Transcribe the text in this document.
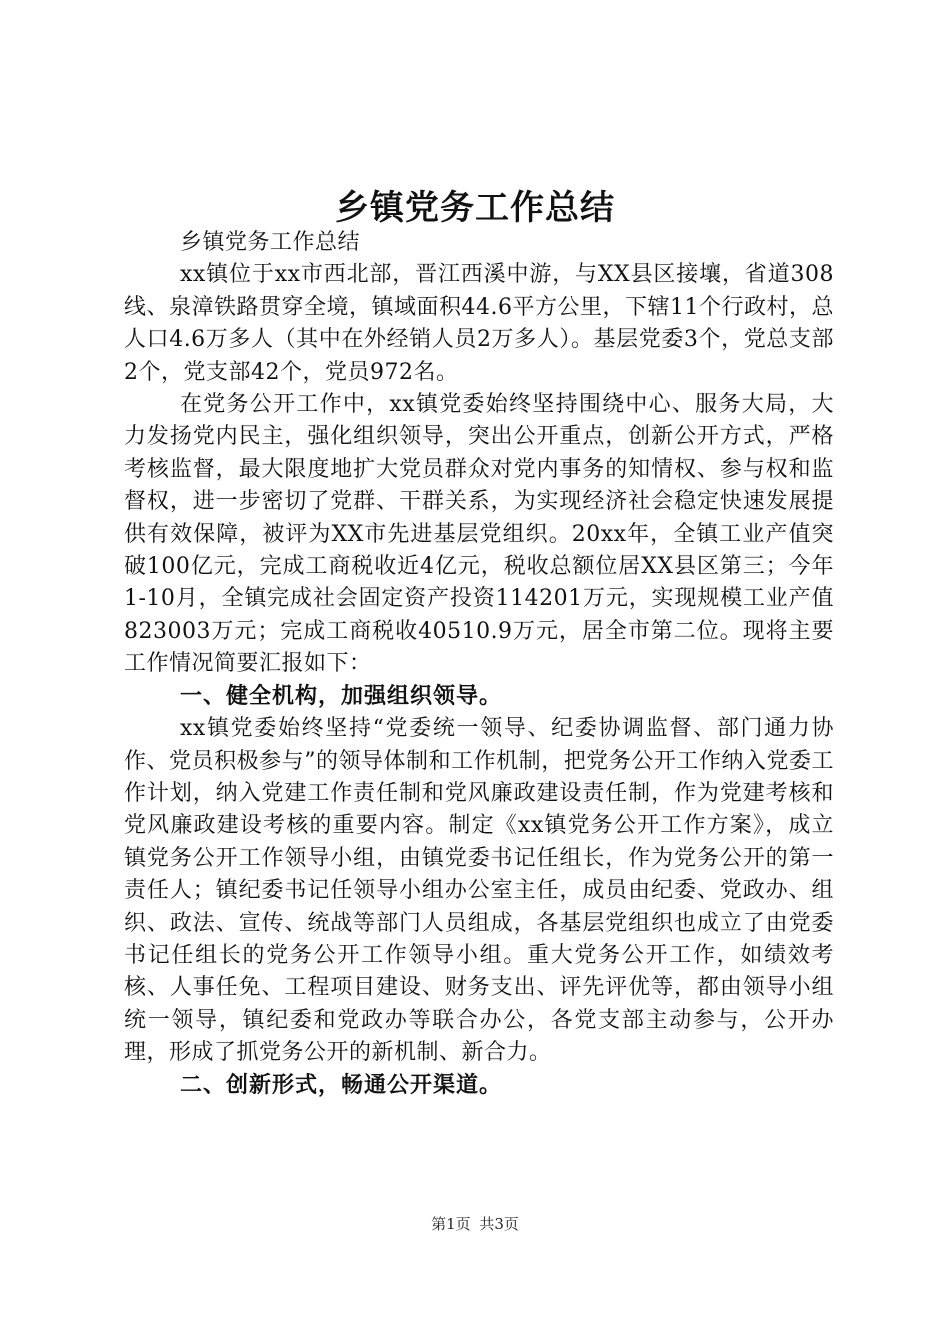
乡镇党务工作总结

乡镇党务工作总结

xx镇位于xx市西北部，晋江西溪中游，与XX县区接壤，省道308线、泉漳铁路贯穿全境，镇域面积44.6平方公里，下辖11个行政村，总人口4.6万多人（其中在外经销人员2万多人）。基层党委3个，党总支部2个，党支部42个，党员972名。

在党务公开工作中，xx镇党委始终坚持围绕中心、服务大局，大力发扬党内民主，强化组织领导，突出公开重点，创新公开方式，严格考核监督，最大限度地扩大党员群众对党内事务的知情权、参与权和监督权，进一步密切了党群、干群关系，为实现经济社会稳定快速发展提供有效保障，被评为XX市先进基层党组织。20xx年，全镇工业产值突破100亿元，完成工商税收近4亿元，税收总额位居XX县区第三；今年1-10月，全镇完成社会固定资产投资114201万元，实现规模工业产值823003万元；完成工商税收40510.9万元，居全市第二位。现将主要工作情况简要汇报如下：

一、健全机构，加强组织领导。

xx镇党委始终坚持“党委统一领导、纪委协调监督、部门通力协作、党员积极参与”的领导体制和工作机制，把党务公开工作纳入党委工作计划，纳入党建工作责任制和党风廉政建设责任制，作为党建考核和党风廉政建设考核的重要内容。制定《xx镇党务公开工作方案》，成立镇党务公开工作领导小组，由镇党委书记任组长，作为党务公开的第一责任人；镇纪委书记任领导小组办公室主任，成员由纪委、党政办、组织、政法、宣传、统战等部门人员组成，各基层党组织也成立了由党委书记任组长的党务公开工作领导小组。重大党务公开工作，如绩效考核、人事任免、工程项目建设、财务支出、评先评优等，都由领导小组统一领导，镇纪委和党政办等联合办公，各党支部主动参与，公开办理，形成了抓党务公开的新机制、新合力。

二、创新形式，畅通公开渠道。

第1页 共3页
